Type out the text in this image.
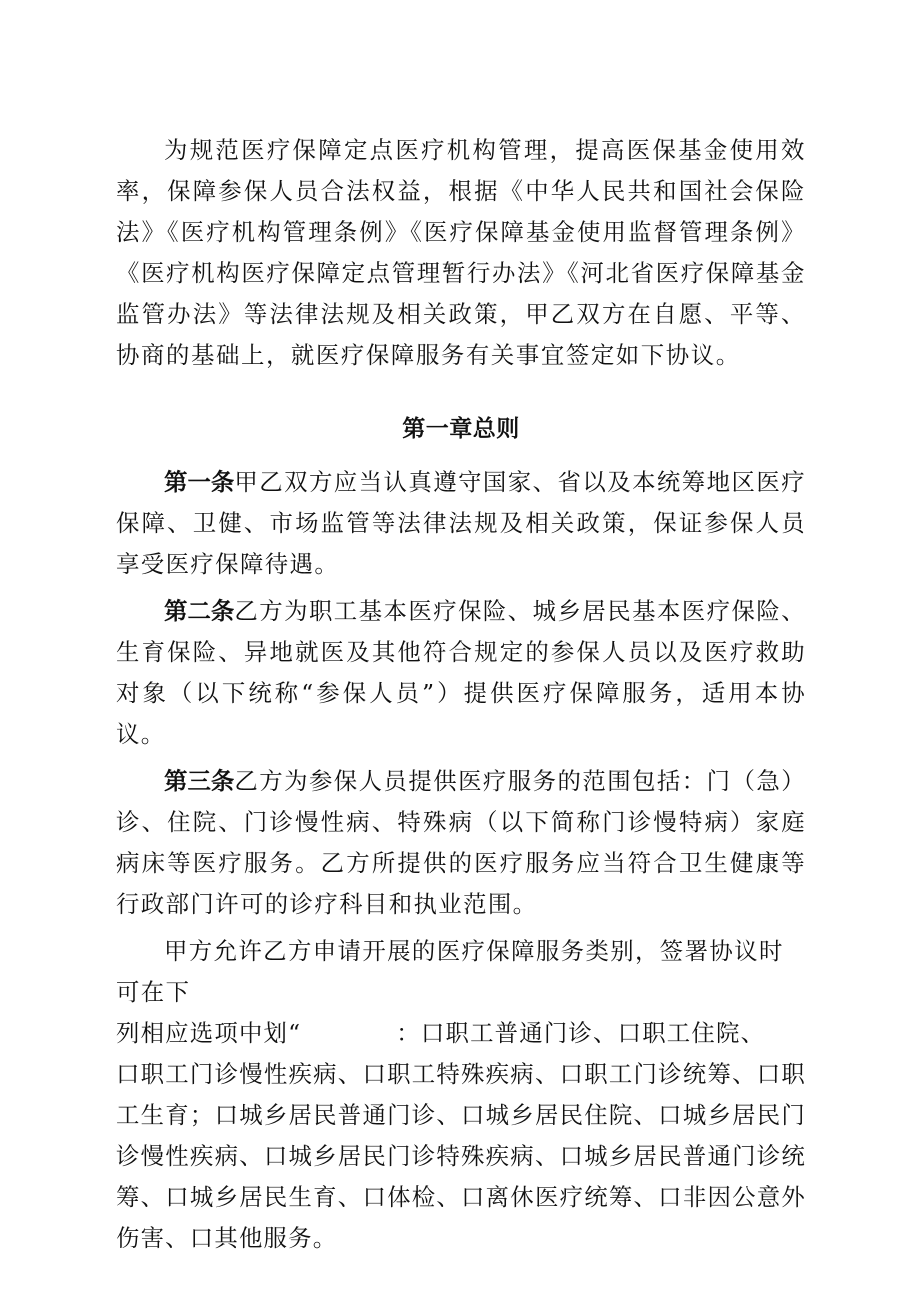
为规范医疗保障定点医疗机构管理，提高医保基金使用效率，保障参保人员合法权益，根据《中华人民共和国社会保险法》《医疗机构管理条例》《医疗保障基金使用监督管理条例》《医疗机构医疗保障定点管理暂行办法》《河北省医疗保障基金监管办法》等法律法规及相关政策，甲乙双方在自愿、平等、协商的基础上，就医疗保障服务有关事宜签定如下协议。

第一章总则

第一条甲乙双方应当认真遵守国家、省以及本统筹地区医疗保障、卫健、市场监管等法律法规及相关政策，保证参保人员享受医疗保障待遇。

第二条乙方为职工基本医疗保险、城乡居民基本医疗保险、生育保险、异地就医及其他符合规定的参保人员以及医疗救助对象（以下统称“参保人员”）提供医疗保障服务，适用本协议。

第三条乙方为参保人员提供医疗服务的范围包括：门（急）诊、住院、门诊慢性病、特殊病（以下简称门诊慢特病）家庭病床等医疗服务。乙方所提供的医疗服务应当符合卫生健康等行政部门许可的诊疗科目和执业范围。

甲方允许乙方申请开展的医疗保障服务类别，签署协议时可在下

列相应选项中划“	：口职工普通门诊、口职工住院、

口职工门诊慢性疾病、口职工特殊疾病、口职工门诊统筹、口职工生育；口城乡居民普通门诊、口城乡居民住院、口城乡居民门诊慢性疾病、口城乡居民门诊特殊疾病、口城乡居民普通门诊统筹、口城乡居民生育、口体检、口离休医疗统筹、口非因公意外伤害、口其他服务。
